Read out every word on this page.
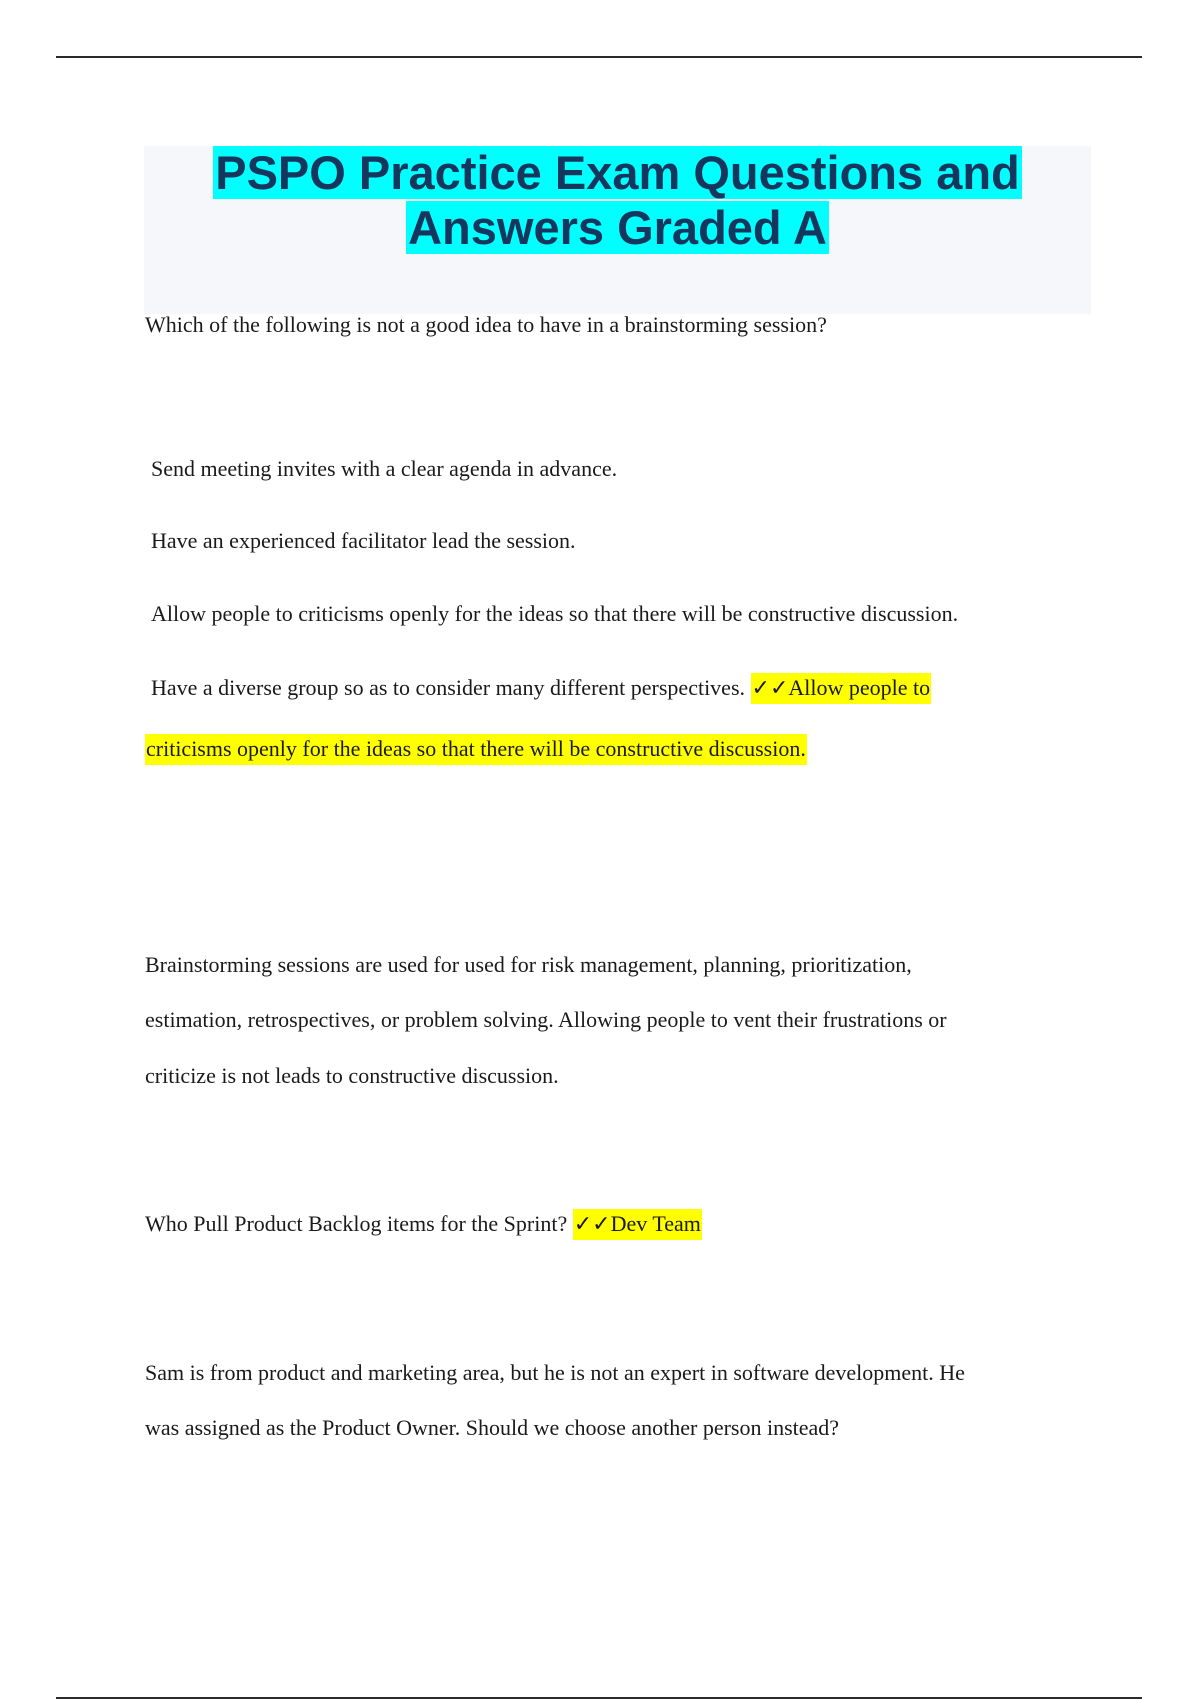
PSPO Practice Exam Questions and
Answers Graded A
Which of the following is not a good idea to have in a brainstorming session?
Send meeting invites with a clear agenda in advance.
Have an experienced facilitator lead the session.
Allow people to criticisms openly for the ideas so that there will be constructive discussion.
Have a diverse group so as to consider many different perspectives. ✓✓Allow people to
criticisms openly for the ideas so that there will be constructive discussion.
Brainstorming sessions are used for used for risk management, planning, prioritization,
estimation, retrospectives, or problem solving. Allowing people to vent their frustrations or
criticize is not leads to constructive discussion.
Who Pull Product Backlog items for the Sprint? ✓✓Dev Team
Sam is from product and marketing area, but he is not an expert in software development. He
was assigned as the Product Owner. Should we choose another person instead?
